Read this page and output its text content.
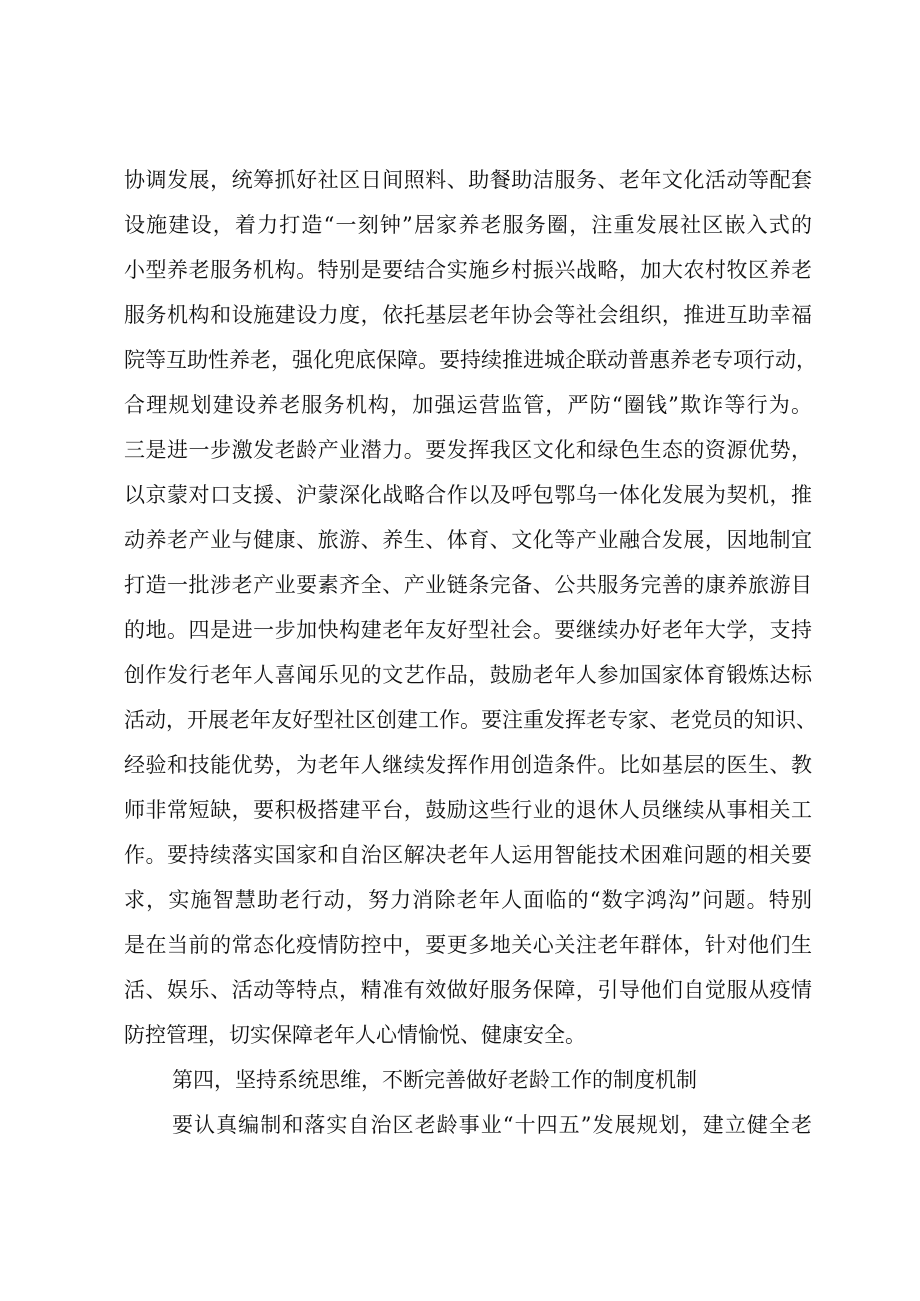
协调发展，统筹抓好社区日间照料、助餐助洁服务、老年文化活动等配套
设施建设，着力打造“一刻钟”居家养老服务圈，注重发展社区嵌入式的
小型养老服务机构。特别是要结合实施乡村振兴战略，加大农村牧区养老
服务机构和设施建设力度，依托基层老年协会等社会组织，推进互助幸福
院等互助性养老，强化兜底保障。要持续推进城企联动普惠养老专项行动，
合理规划建设养老服务机构，加强运营监管，严防“圈钱”欺诈等行为。
三是进一步激发老龄产业潜力。要发挥我区文化和绿色生态的资源优势，
以京蒙对口支援、沪蒙深化战略合作以及呼包鄂乌一体化发展为契机，推
动养老产业与健康、旅游、养生、体育、文化等产业融合发展，因地制宜
打造一批涉老产业要素齐全、产业链条完备、公共服务完善的康养旅游目
的地。四是进一步加快构建老年友好型社会。要继续办好老年大学，支持
创作发行老年人喜闻乐见的文艺作品，鼓励老年人参加国家体育锻炼达标
活动，开展老年友好型社区创建工作。要注重发挥老专家、老党员的知识、
经验和技能优势，为老年人继续发挥作用创造条件。比如基层的医生、教
师非常短缺，要积极搭建平台，鼓励这些行业的退休人员继续从事相关工
作。要持续落实国家和自治区解决老年人运用智能技术困难问题的相关要
求，实施智慧助老行动，努力消除老年人面临的“数字鸿沟”问题。特别
是在当前的常态化疫情防控中，要更多地关心关注老年群体，针对他们生
活、娱乐、活动等特点，精准有效做好服务保障，引导他们自觉服从疫情
防控管理，切实保障老年人心情愉悦、健康安全。
第四，坚持系统思维，不断完善做好老龄工作的制度机制
要认真编制和落实自治区老龄事业“十四五”发展规划，建立健全老
